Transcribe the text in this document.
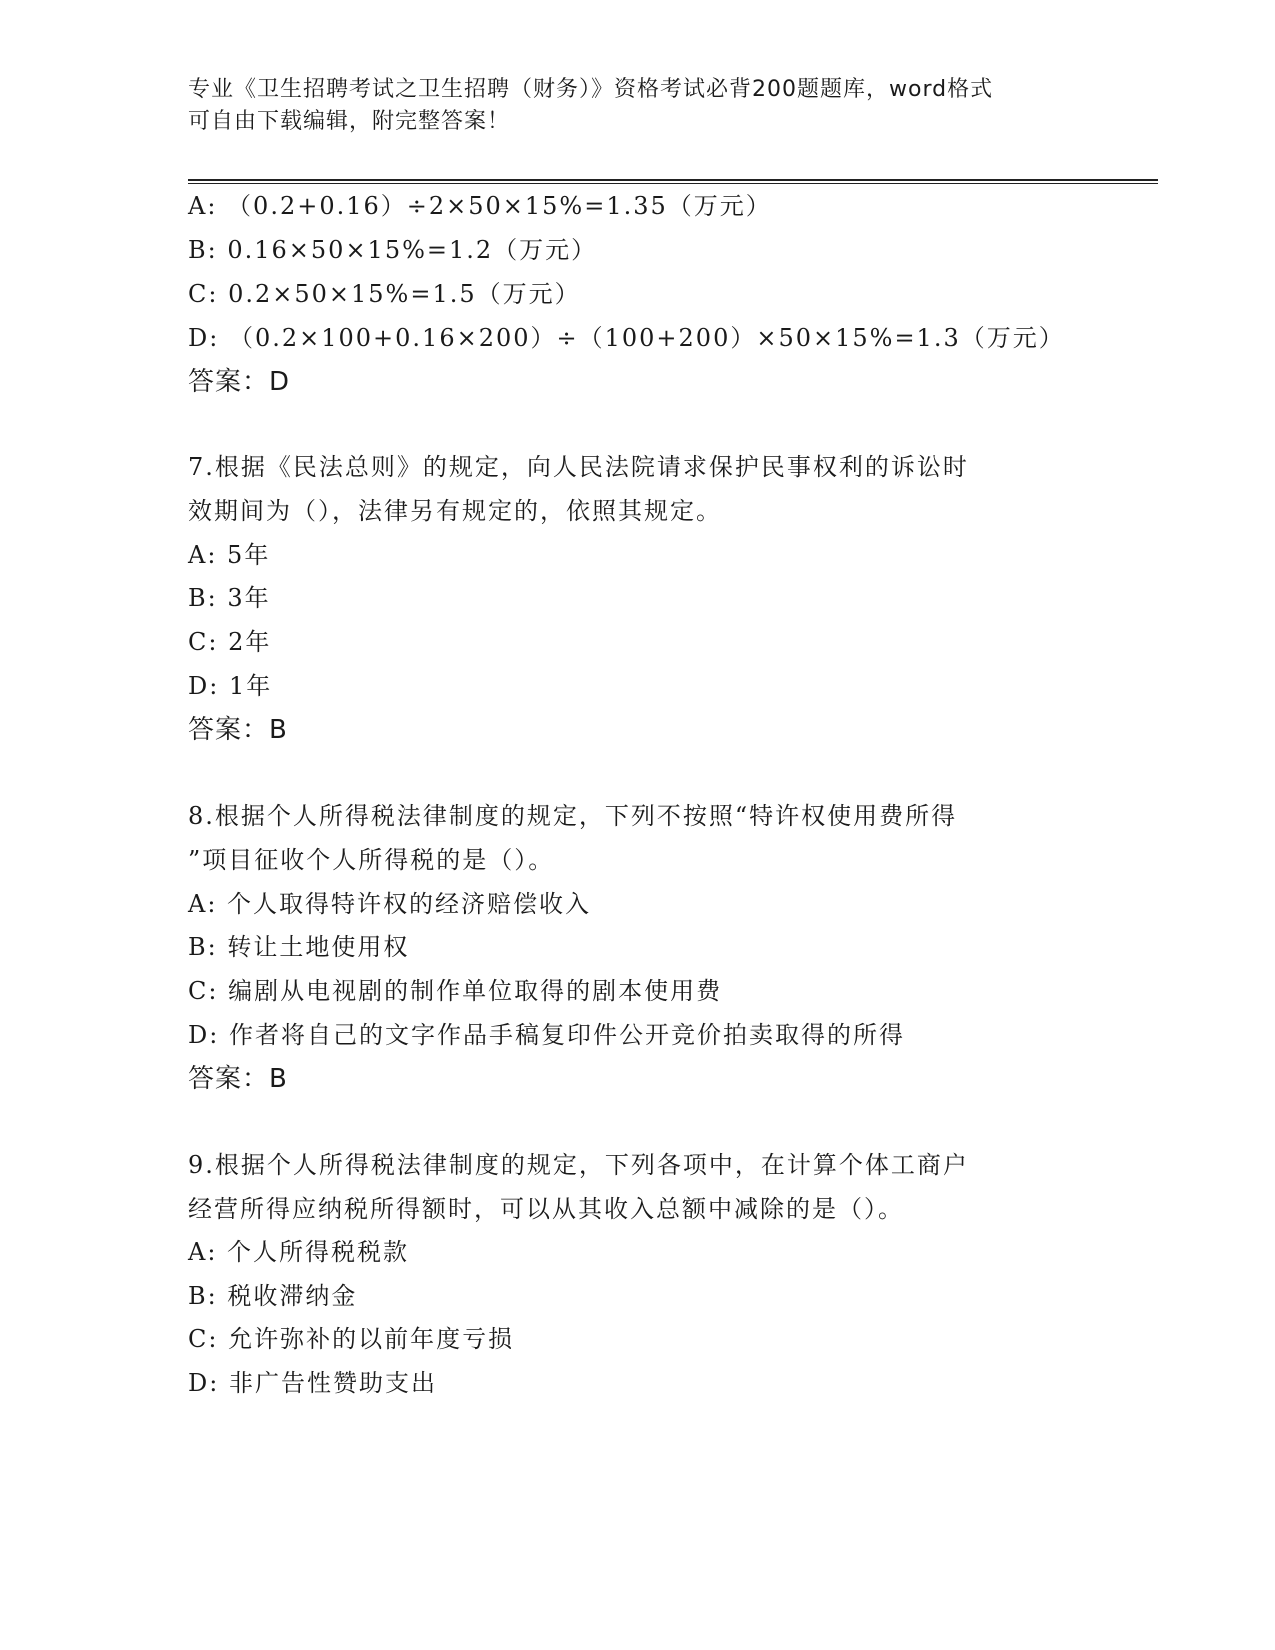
专业《卫生招聘考试之卫生招聘（财务）》资格考试必背200题题库，word格式
可自由下载编辑，附完整答案！
A: （0.2+0.16）÷2×50×15%=1.35（万元）
B: 0.16×50×15%=1.2（万元）
C: 0.2×50×15%=1.5（万元）
D: （0.2×100+0.16×200）÷（100+200）×50×15%=1.3（万元）
答案：D
7.根据《民法总则》的规定，向人民法院请求保护民事权利的诉讼时
效期间为（），法律另有规定的，依照其规定。
A: 5年
B: 3年
C: 2年
D: 1年
答案：B
8.根据个人所得税法律制度的规定，下列不按照“特许权使用费所得
”项目征收个人所得税的是（）。
A: 个人取得特许权的经济赔偿收入
B: 转让土地使用权
C: 编剧从电视剧的制作单位取得的剧本使用费
D: 作者将自己的文字作品手稿复印件公开竞价拍卖取得的所得
答案：B
9.根据个人所得税法律制度的规定，下列各项中，在计算个体工商户
经营所得应纳税所得额时，可以从其收入总额中减除的是（）。
A: 个人所得税税款
B: 税收滞纳金
C: 允许弥补的以前年度亏损
D: 非广告性赞助支出
